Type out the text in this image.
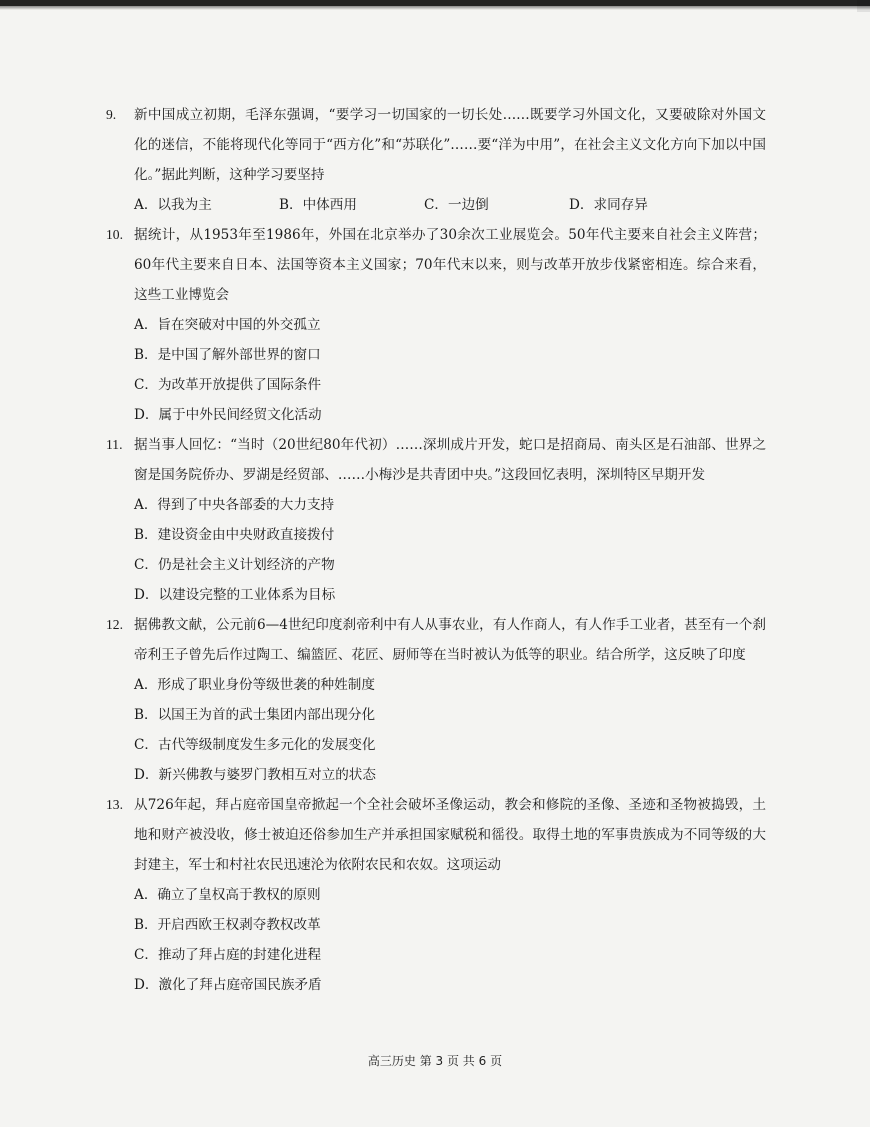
9. 新中国成立初期，毛泽东强调，“要学习一切国家的一切长处……既要学习外国文化，又要破除对外国文化的迷信，不能将现代化等同于“西方化”和“苏联化”……要“洋为中用”，在社会主义文化方向下加以中国化。”据此判断，这种学习要坚持
A．以我为主	B．中体西用	C．一边倒	D．求同存异
10. 据统计，从1953年至1986年，外国在北京举办了30余次工业展览会。50年代主要来自社会主义阵营；60年代主要来自日本、法国等资本主义国家；70年代末以来，则与改革开放步伐紧密相连。综合来看，这些工业博览会
A．旨在突破对中国的外交孤立
B．是中国了解外部世界的窗口
C．为改革开放提供了国际条件
D．属于中外民间经贸文化活动
11. 据当事人回忆：“当时（20世纪80年代初）……深圳成片开发，蛇口是招商局、南头区是石油部、世界之窗是国务院侨办、罗湖是经贸部、……小梅沙是共青团中央。”这段回忆表明，深圳特区早期开发
A．得到了中央各部委的大力支持
B．建设资金由中央财政直接拨付
C．仍是社会主义计划经济的产物
D．以建设完整的工业体系为目标
12. 据佛教文献，公元前6—4世纪印度刹帝利中有人从事农业，有人作商人，有人作手工业者，甚至有一个刹帝利王子曾先后作过陶工、编篮匠、花匠、厨师等在当时被认为低等的职业。结合所学，这反映了印度
A．形成了职业身份等级世袭的种姓制度
B．以国王为首的武士集团内部出现分化
C．古代等级制度发生多元化的发展变化
D．新兴佛教与婆罗门教相互对立的状态
13. 从726年起，拜占庭帝国皇帝掀起一个全社会破坏圣像运动，教会和修院的圣像、圣迹和圣物被捣毁，土地和财产被没收，修士被迫还俗参加生产并承担国家赋税和徭役。取得土地的军事贵族成为不同等级的大封建主，军士和村社农民迅速沦为依附农民和农奴。这项运动
A．确立了皇权高于教权的原则
B．开启西欧王权剥夺教权改革
C．推动了拜占庭的封建化进程
D．激化了拜占庭帝国民族矛盾
高三历史 第 3 页 共 6 页
